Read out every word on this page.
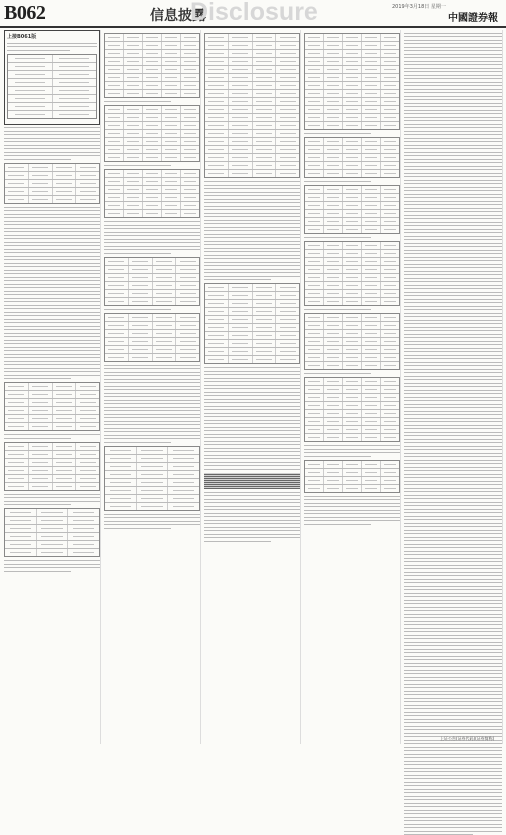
B062	信息披露
Disclosure	2019年3月18日 星期一
中國證券報
上接B061版
上证公告(证券代码)(证券简称)
